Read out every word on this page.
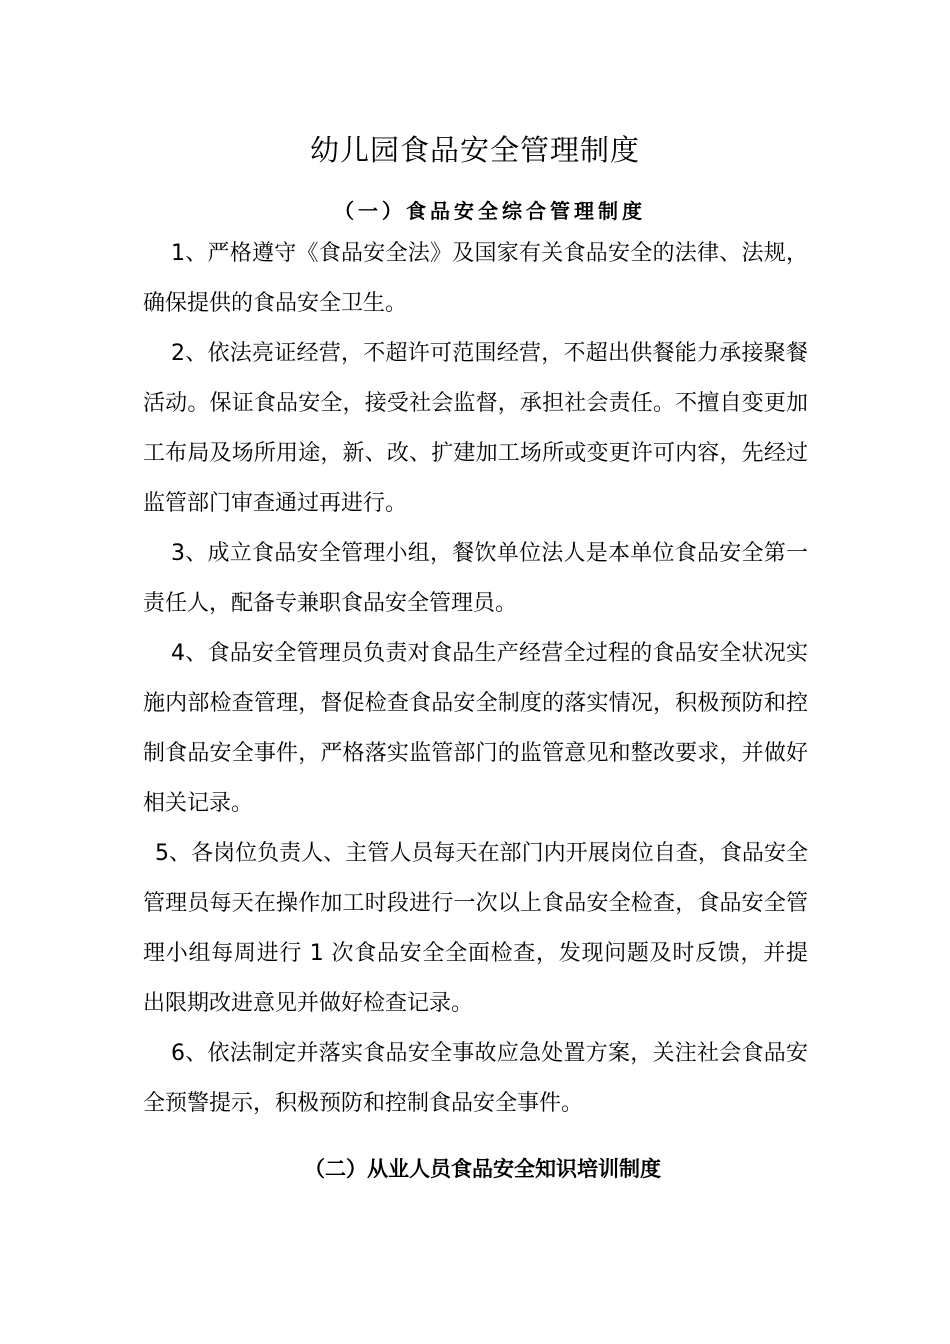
幼儿园食品安全管理制度
（一）食品安全综合管理制度

1、严格遵守《食品安全法》及国家有关食品安全的法律、法规，确保提供的食品安全卫生。

2、依法亮证经营，不超许可范围经营，不超出供餐能力承接聚餐活动。保证食品安全，接受社会监督，承担社会责任。不擅自变更加工布局及场所用途，新、改、扩建加工场所或变更许可内容，先经过监管部门审查通过再进行。

3、成立食品安全管理小组，餐饮单位法人是本单位食品安全第一责任人，配备专兼职食品安全管理员。

4、食品安全管理员负责对食品生产经营全过程的食品安全状况实施内部检查管理，督促检查食品安全制度的落实情况，积极预防和控制食品安全事件，严格落实监管部门的监管意见和整改要求，并做好相关记录。

5、各岗位负责人、主管人员每天在部门内开展岗位自查，食品安全管理员每天在操作加工时段进行一次以上食品安全检查，食品安全管理小组每周进行 1 次食品安全全面检查，发现问题及时反馈，并提出限期改进意见并做好检查记录。

6、依法制定并落实食品安全事故应急处置方案，关注社会食品安全预警提示，积极预防和控制食品安全事件。

（二）从业人员食品安全知识培训制度
